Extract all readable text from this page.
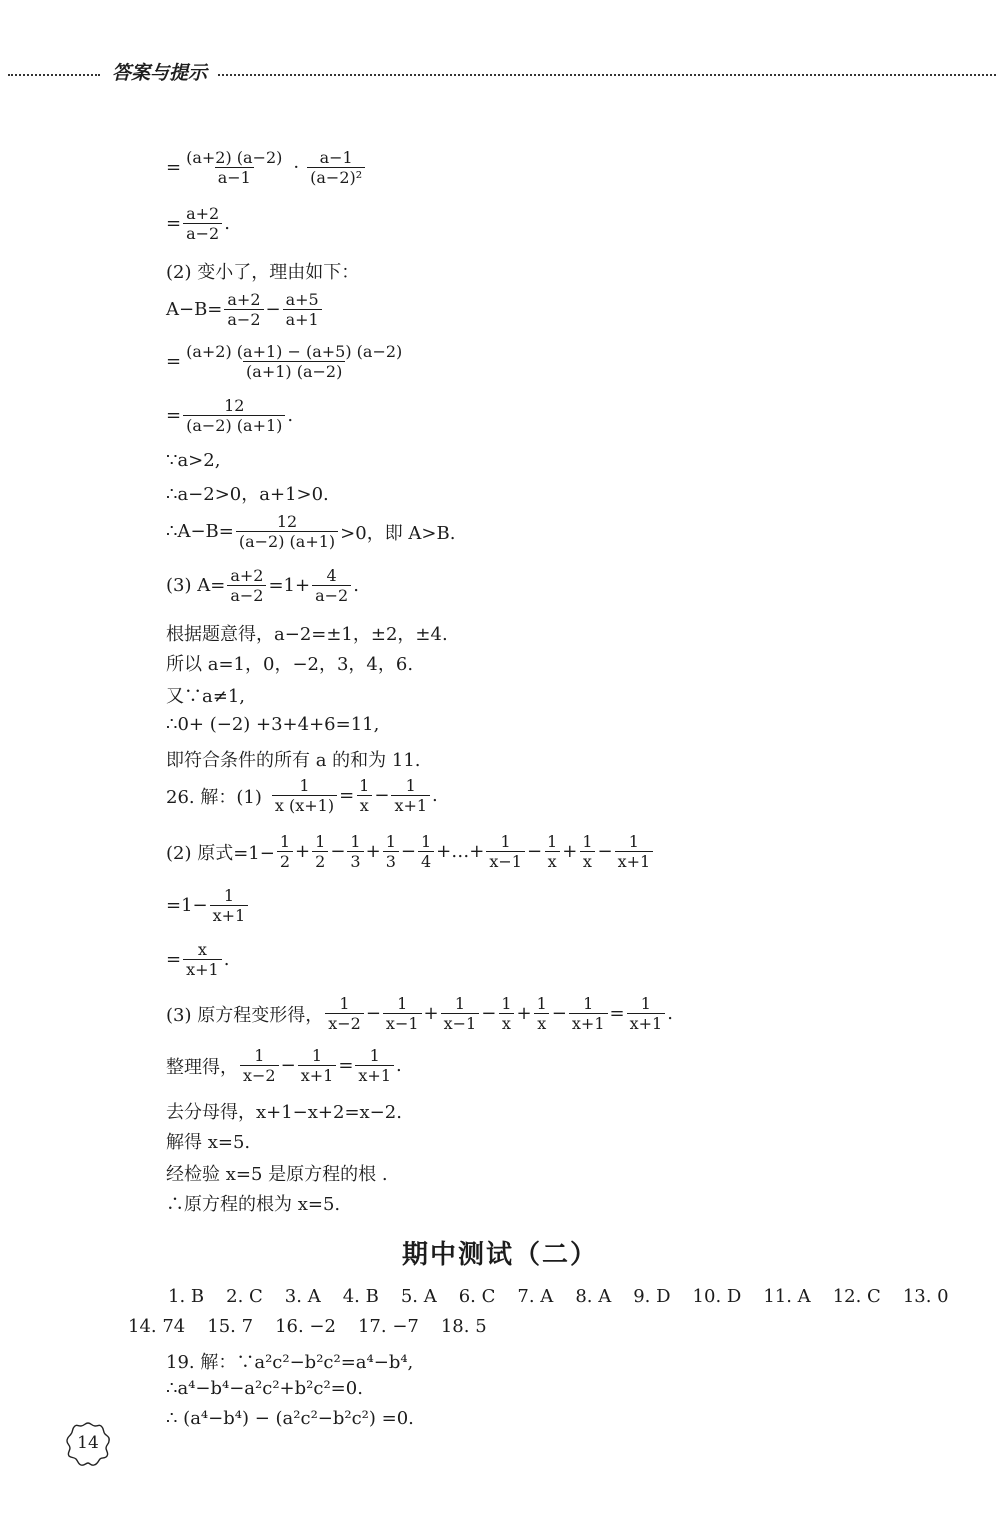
答案与提示
= $\frac{(a+2) (a-2)}{a-1} \cdot \frac{a-1}{\text{(a−2)²}}$
= $\frac{a+2}{a-2}$ .
(2) 变小了，理由如下：
$A-B= \frac{a+2}{a-2} - \frac{a+5}{a+1}$
= $\frac{(a+2) (a+1) - (a+5) (a-2)}{(a+1) (a-2)}$
= $\frac{12}{(a-2) (a+1)}$ .
∵a>2,
∴a−2>0，a+1>0.
∴A−B= $\frac{12}{(a-2) (a+1)} >0$，即 A>B.
(3) $A= \frac{a+2}{a-2} =1+ \frac{4}{a-2}$ .
根据题意得，a−2=±1，±2，±4.
所以 a=1，0，−2，3，4，6.
又∵a≠1,
∴0+ (−2) +3+4+6=11,
即符合条件的所有 a 的和为 11.
26. 解：$(1) \frac{1}{x (x+1)} = \frac{1}{x} - \frac{1}{x+1}$ .
(2) 原式$=1- \frac{1}{2} + \frac{1}{2} - \frac{1}{3} + \frac{1}{3} - \frac{1}{4}$ +…+ $\frac{1}{x-1} - \frac{1}{x} + \frac{1}{x} - \frac{1}{x+1}$
$=1- \frac{1}{x+1}$
= $\frac{x}{x+1}$ .
(3) 原方程变形得， $\frac{1}{x-2} - \frac{1}{x-1} + \frac{1}{x-1} - \frac{1}{x} + \frac{1}{x} - \frac{1}{x+1} = \frac{1}{x+1}$ .
整理得， $\frac{1}{x-2} - \frac{1}{x+1} = \frac{1}{x+1}$ .
去分母得，x+1−x+2=x−2.
解得 x=5.
经检验 x=5 是原方程的根 .
∴原方程的根为 x=5.
期中测试（二）
1. B 2. C 3. A 4. B 5. A 6. C 7. A 8. A 9. D 10. D 11. A 12. C 13. 0
14. 74 15. 7 16. −2 17. −7 18. 5
19. 解：∵a²c²−b²c²=a⁴−b⁴,
∴a⁴−b⁴−a²c²+b²c²=0.
∴ (a⁴−b⁴) − (a²c²−b²c²) =0.
14
